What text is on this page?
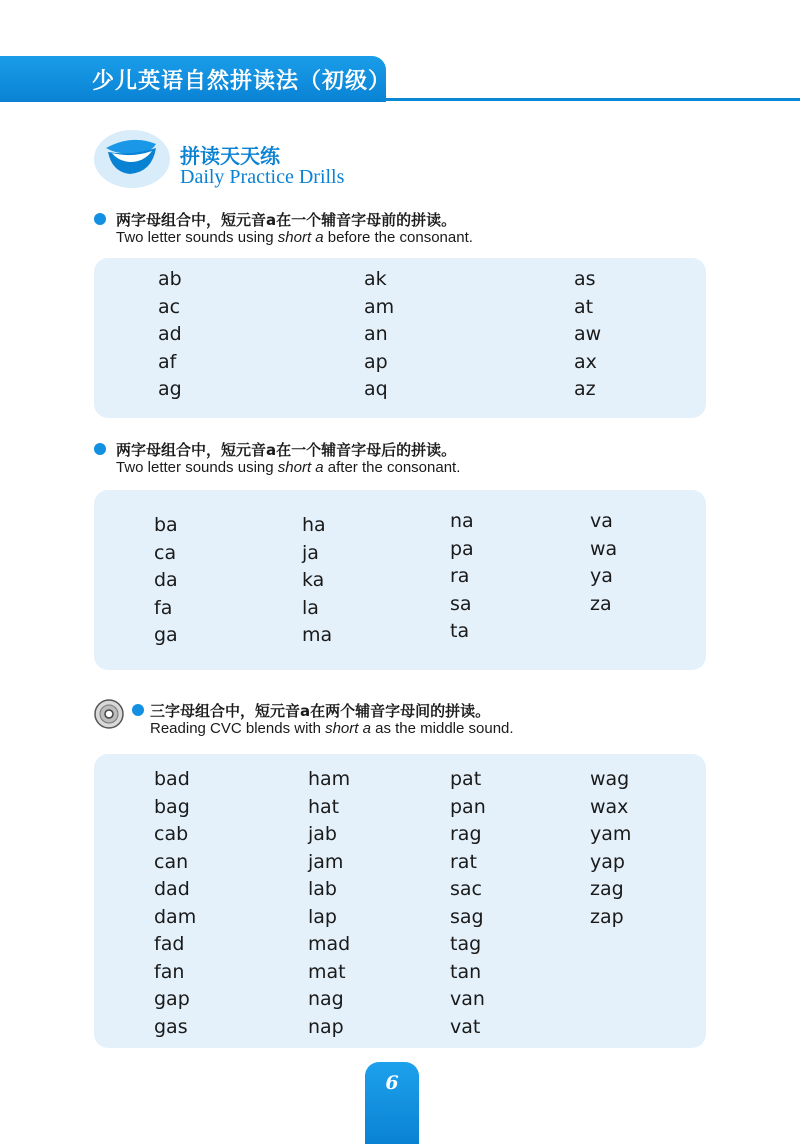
少儿英语自然拼读法（初级）
拼读天天练
Daily Practice Drills
两字母组合中，短元音a在一个辅音字母前的拼读。
Two letter sounds using short a before the consonant.
ab
ac
ad
af
ag
ak
am
an
ap
aq
as
at
aw
ax
az
两字母组合中，短元音a在一个辅音字母后的拼读。
Two letter sounds using short a after the consonant.
ba
ca
da
fa
ga
ha
ja
ka
la
ma
na
pa
ra
sa
ta
va
wa
ya
za
三字母组合中，短元音a在两个辅音字母间的拼读。
Reading CVC blends with short a as the middle sound.
bad
bag
cab
can
dad
dam
fad
fan
gap
gas
ham
hat
jab
jam
lab
lap
mad
mat
nag
nap
pat
pan
rag
rat
sac
sag
tag
tan
van
vat
wag
wax
yam
yap
zag
zap
6
